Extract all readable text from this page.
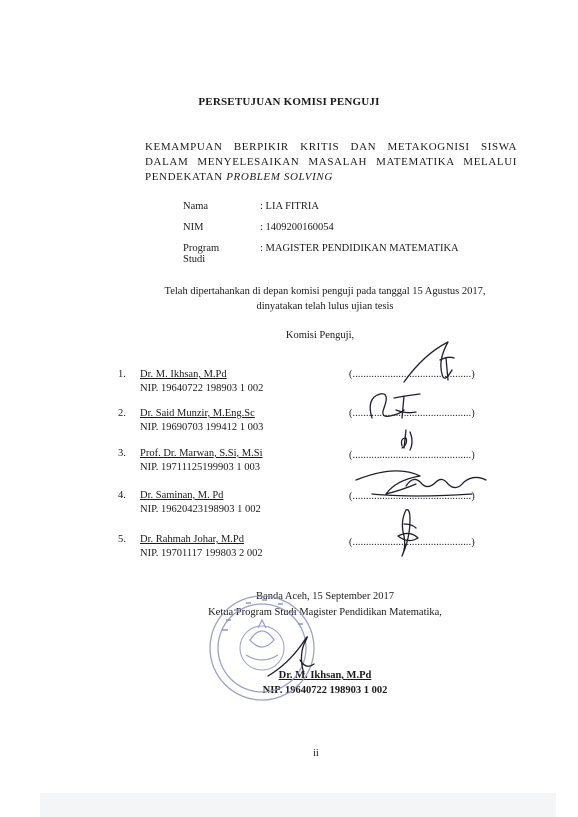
PERSETUJUAN KOMISI PENGUJI
KEMAMPUAN BERPIKIR KRITIS DAN METAKOGNISI SISWA
DALAM MENYELESAIKAN MASALAH MATEMATIKA MELALUI
PENDEKATAN PROBLEM SOLVING
Nama	: LIA FITRIA
NIM	: 1409200160054
Program Studi
: MAGISTER PENDIDIKAN MATEMATIKA
Telah dipertahankan di depan komisi penguji pada tanggal 15 Agustus 2017,
dinyatakan telah lulus ujian tesis
Komisi Penguji,
1. Dr. M. Ikhsan, M.Pd
NIP. 19640722 198903 1 002
2. Dr. Said Munzir, M.Eng.Sc
NIP. 19690703 199412 1 003
3. Prof. Dr. Marwan, S.Si, M.Si
NIP. 19711125199903 1 003
4. Dr. Saminan, M. Pd
NIP. 19620423198903 1 002
5. Dr. Rahmah Johar, M.Pd
NIP. 19701117 199803 2 002
(............................................)
(............................................)
(............................................)
(............................................)
(............................................)
Banda Aceh, 15 September 2017
Ketua Program Studi Magister Pendidikan Matematika,
Dr. M. Ikhsan, M.Pd
NIP. 19640722 198903 1 002
ii
